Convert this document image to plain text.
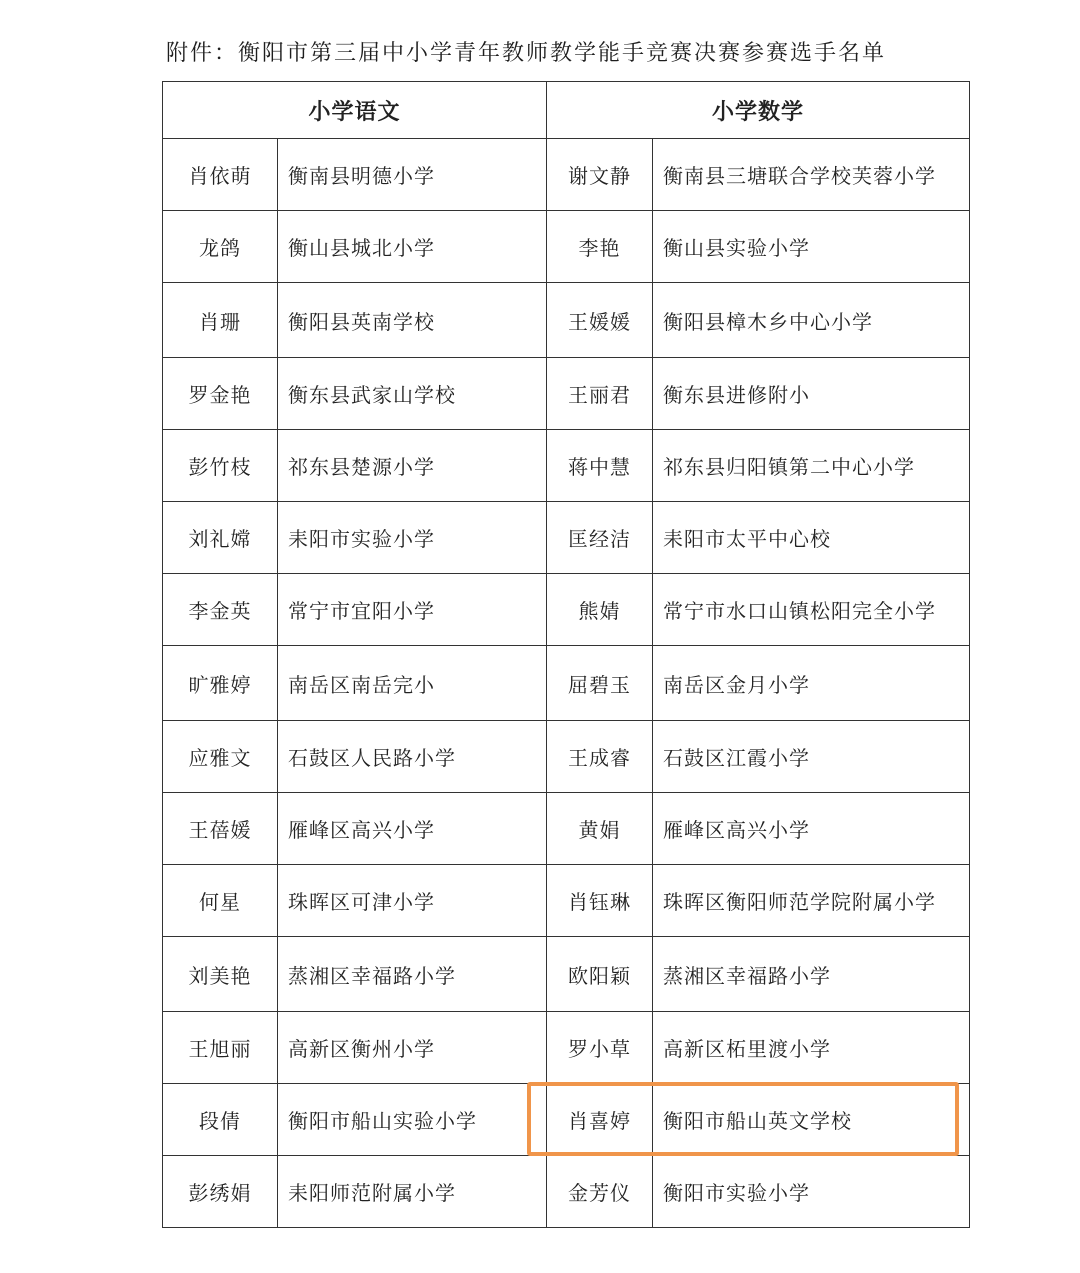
附件：衡阳市第三届中小学青年教师教学能手竞赛决赛参赛选手名单
小学语文		小学数学	
肖依萌	衡南县明德小学	谢文静	衡南县三塘联合学校芙蓉小学
龙鸽	衡山县城北小学	李艳	衡山县实验小学
肖珊	衡阳县英南学校	王媛媛	衡阳县樟木乡中心小学
罗金艳	衡东县武家山学校	王丽君	衡东县进修附小
彭竹枝	祁东县楚源小学	蒋中慧	祁东县归阳镇第二中心小学
刘礼嫦	耒阳市实验小学	匡经洁	耒阳市太平中心校
李金英	常宁市宜阳小学	熊婧	常宁市水口山镇松阳完全小学
旷雅婷	南岳区南岳完小	屈碧玉	南岳区金月小学
应雅文	石鼓区人民路小学	王成睿	石鼓区江霞小学
王蓓媛	雁峰区高兴小学	黄娟	雁峰区高兴小学
何星	珠晖区可津小学	肖钰琳	珠晖区衡阳师范学院附属小学
刘美艳	蒸湘区幸福路小学	欧阳颖	蒸湘区幸福路小学
王旭丽	高新区衡州小学	罗小草	高新区柘里渡小学
段倩	衡阳市船山实验小学	肖喜婷	衡阳市船山英文学校
彭绣娟	耒阳师范附属小学	金芳仪	衡阳市实验小学
